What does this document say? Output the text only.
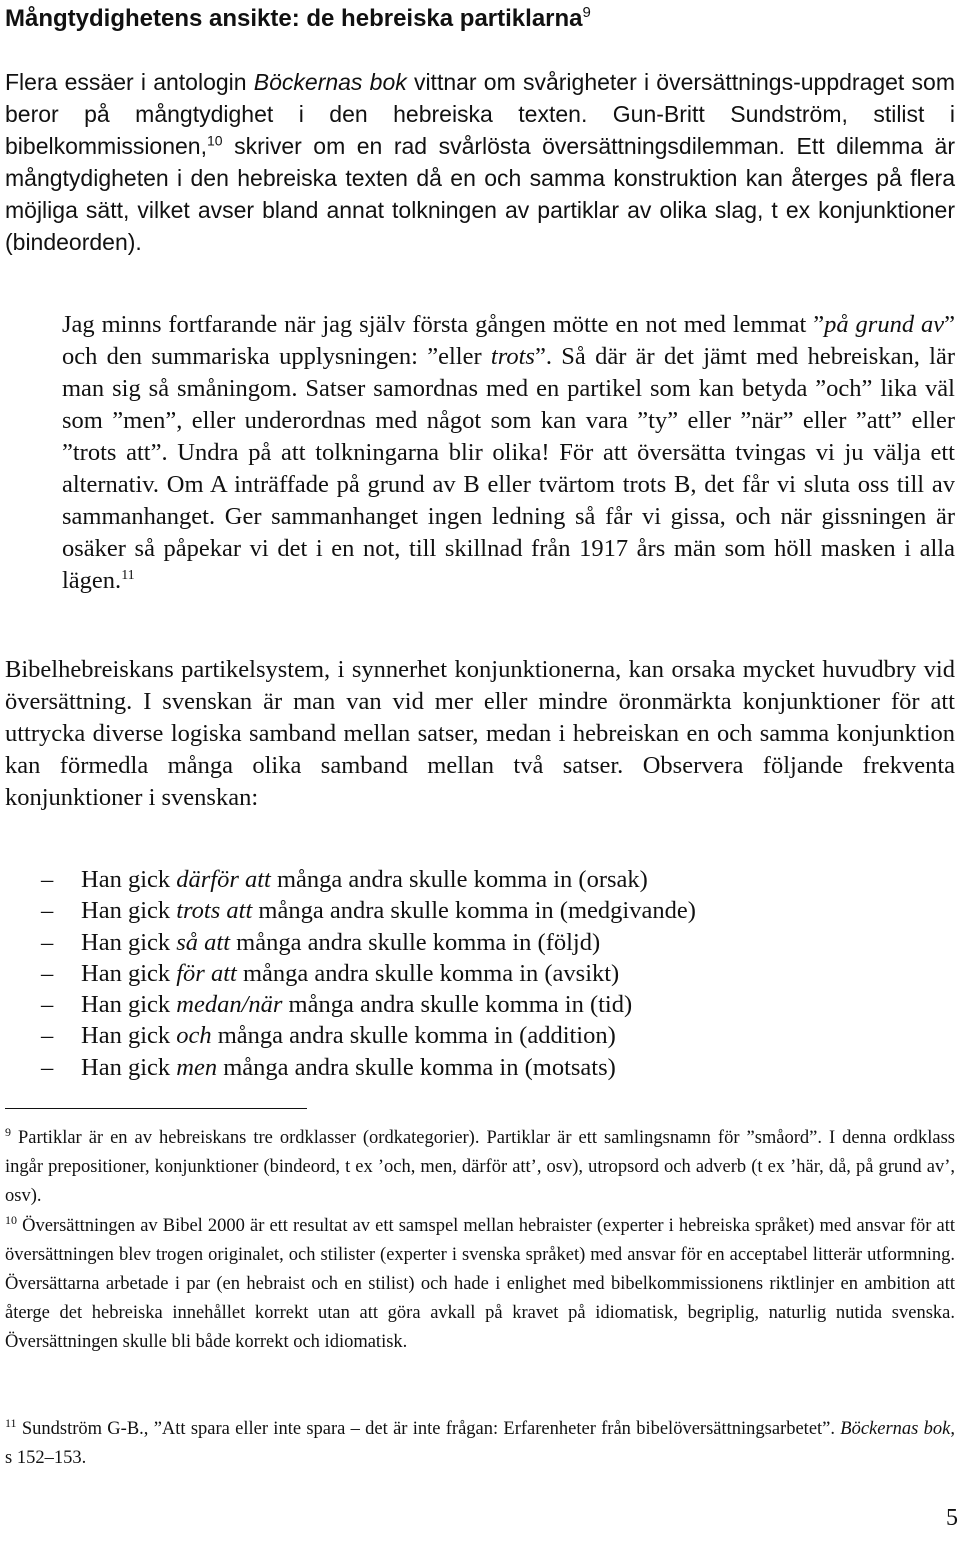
Mångtydighetens ansikte: de hebreiska partiklarna$^9$
Flera essäer i antologin Böckernas bok vittnar om svårigheter i översättnings-uppdraget som beror på mångtydighet i den hebreiska texten. Gun-Britt Sundström, stilist i bibelkommissionen,$^{10}$ skriver om en rad svårlösta översättningsdilemman. Ett dilemma är mångtydigheten i den hebreiska texten då en och samma konstruktion kan återges på flera möjliga sätt, vilket avser bland annat tolkningen av partiklar av olika slag, t ex konjunktioner (bindeorden).
Jag minns fortfarande när jag själv första gången mötte en not med lemmat ”på grund av” och den summariska upplysningen: ”eller trots”. Så där är det jämt med hebreiskan, lär man sig så småningom. Satser samordnas med en partikel som kan betyda ”och” lika väl som ”men”, eller underordnas med något som kan vara ”ty” eller ”när” eller ”att” eller ”trots att”. Undra på att tolkningarna blir olika! För att översätta tvingas vi ju välja ett alternativ. Om A inträffade på grund av B eller tvärtom trots B, det får vi sluta oss till av sammanhanget. Ger sammanhanget ingen ledning så får vi gissa, och när gissningen är osäker så påpekar vi det i en not, till skillnad från 1917 års män som höll masken i alla lägen.$^{11}$
Bibelhebreiskans partikelsystem, i synnerhet konjunktionerna, kan orsaka mycket huvudbry vid översättning. I svenskan är man van vid mer eller mindre öronmärkta konjunktioner för att uttrycka diverse logiska samband mellan satser, medan i hebreiskan en och samma konjunktion kan förmedla många olika samband mellan två satser. Observera följande frekventa konjunktioner i svenskan:
– Han gick därför att många andra skulle komma in (orsak)
– Han gick trots att många andra skulle komma in (medgivande)
– Han gick så att många andra skulle komma in (följd)
– Han gick för att många andra skulle komma in (avsikt)
– Han gick medan/när många andra skulle komma in (tid)
– Han gick och många andra skulle komma in (addition)
– Han gick men många andra skulle komma in (motsats)
$^9$ Partiklar är en av hebreiskans tre ordklasser (ordkategorier). Partiklar är ett samlingsnamn för ”småord”. I denna ordklass ingår prepositioner, konjunktioner (bindeord, t ex ’och, men, därför att’, osv), utropsord och adverb (t ex ’här, då, på grund av’, osv).
$^{10}$ Översättningen av Bibel 2000 är ett resultat av ett samspel mellan hebraister (experter i hebreiska språket) med ansvar för att översättningen blev trogen originalet, och stilister (experter i svenska språket) med ansvar för en acceptabel litterär utformning. Översättarna arbetade i par (en hebraist och en stilist) och hade i enlighet med bibelkommissionens riktlinjer en ambition att återge det hebreiska innehållet korrekt utan att göra avkall på kravet på idiomatisk, begriplig, naturlig nutida svenska. Översättningen skulle bli både korrekt och idiomatisk.
$^{11}$ Sundström G-B., ”Att spara eller inte spara – det är inte frågan: Erfarenheter från bibelöversättningsarbetet”. Böckernas bok, s 152–153.
5
